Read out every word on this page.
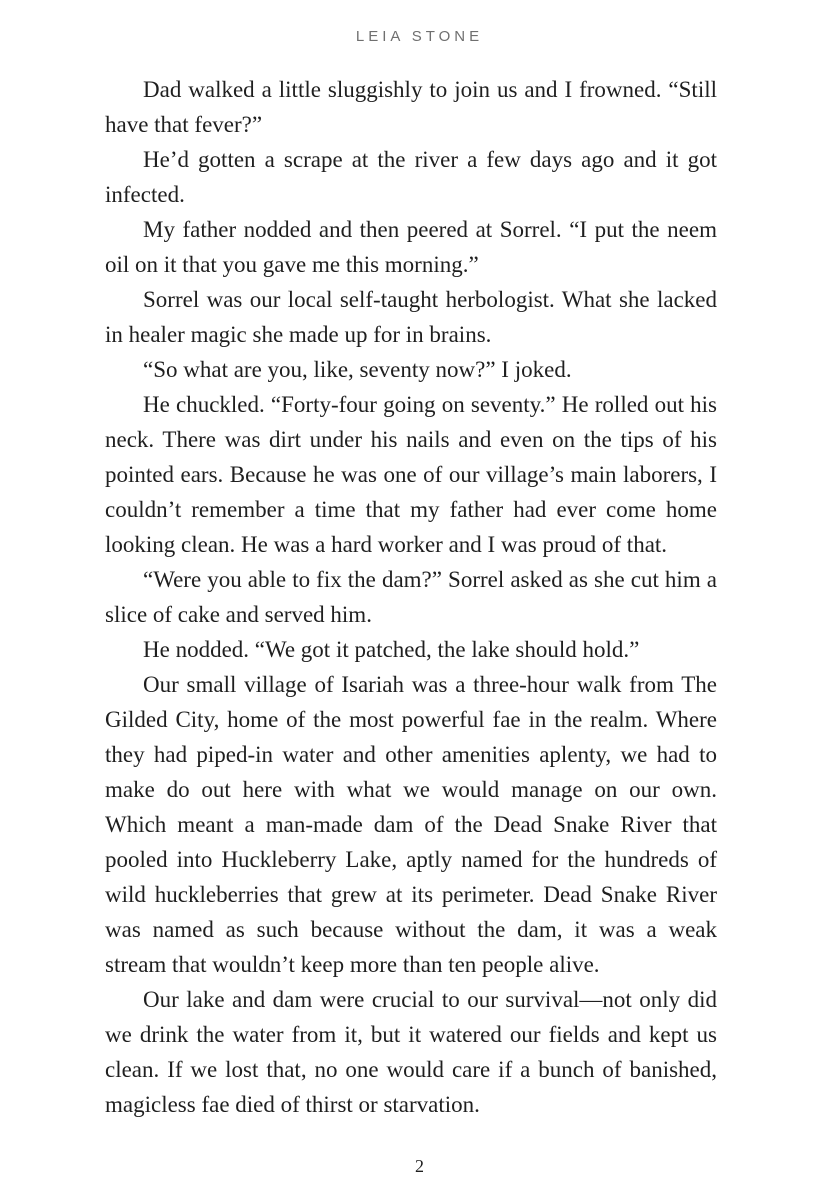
LEIA STONE

Dad walked a little sluggishly to join us and I frowned. “Still have that fever?”

He’d gotten a scrape at the river a few days ago and it got infected.

My father nodded and then peered at Sorrel. “I put the neem oil on it that you gave me this morning.”

Sorrel was our local self-taught herbologist. What she lacked in healer magic she made up for in brains.

“So what are you, like, seventy now?” I joked.

He chuckled. “Forty-four going on seventy.” He rolled out his neck. There was dirt under his nails and even on the tips of his pointed ears. Because he was one of our village’s main laborers, I couldn’t remember a time that my father had ever come home looking clean. He was a hard worker and I was proud of that.

“Were you able to fix the dam?” Sorrel asked as she cut him a slice of cake and served him.

He nodded. “We got it patched, the lake should hold.”

Our small village of Isariah was a three-hour walk from The Gilded City, home of the most powerful fae in the realm. Where they had piped-in water and other amenities aplenty, we had to make do out here with what we would manage on our own. Which meant a man-made dam of the Dead Snake River that pooled into Huckleberry Lake, aptly named for the hundreds of wild huckleberries that grew at its perimeter. Dead Snake River was named as such because without the dam, it was a weak stream that wouldn’t keep more than ten people alive.

Our lake and dam were crucial to our survival—not only did we drink the water from it, but it watered our fields and kept us clean. If we lost that, no one would care if a bunch of banished, magicless fae died of thirst or starvation.

2
